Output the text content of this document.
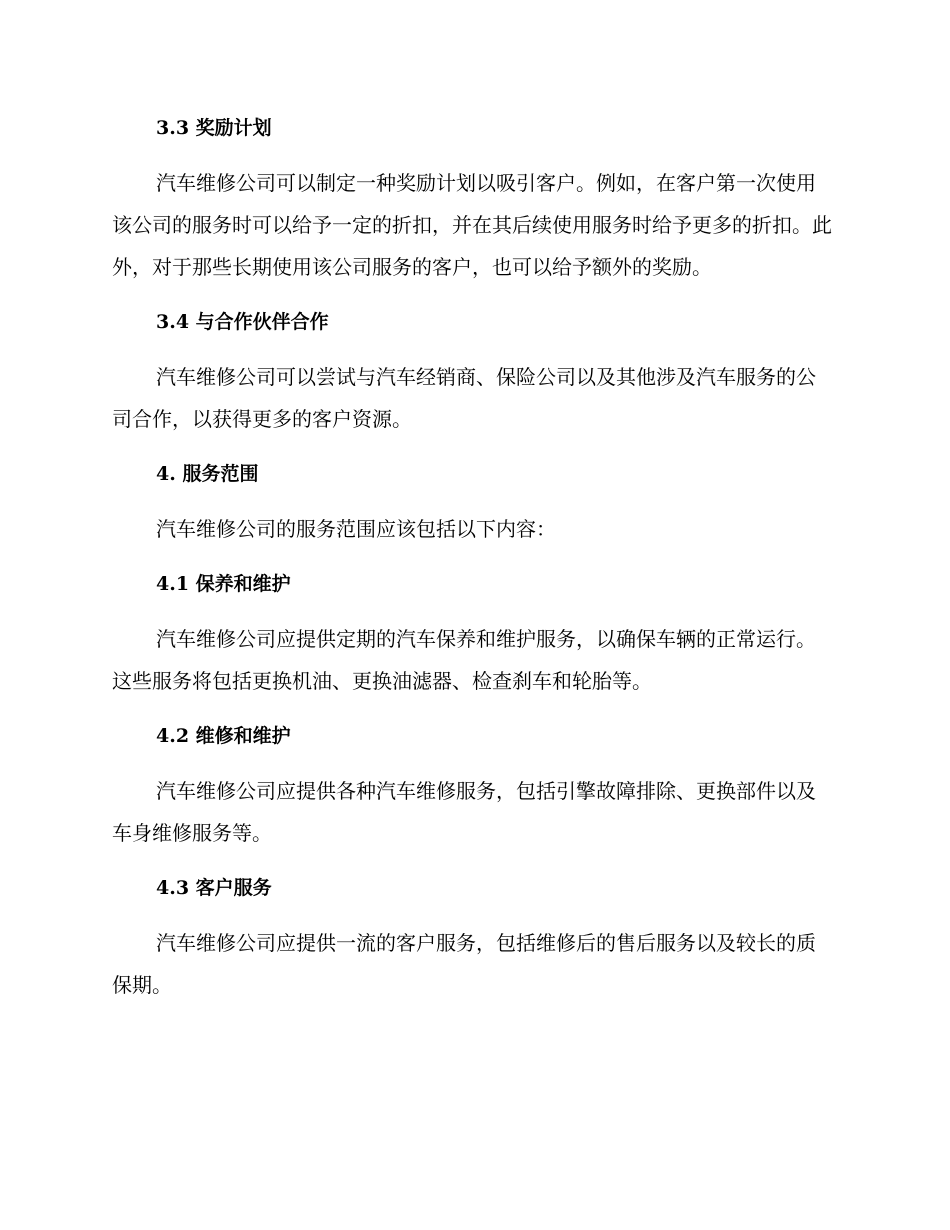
3.3 奖励计划

汽车维修公司可以制定一种奖励计划以吸引客户。例如，在客户第一次使用该公司的服务时可以给予一定的折扣，并在其后续使用服务时给予更多的折扣。此外，对于那些长期使用该公司服务的客户，也可以给予额外的奖励。

3.4 与合作伙伴合作

汽车维修公司可以尝试与汽车经销商、保险公司以及其他涉及汽车服务的公司合作，以获得更多的客户资源。

4. 服务范围

汽车维修公司的服务范围应该包括以下内容：

4.1 保养和维护

汽车维修公司应提供定期的汽车保养和维护服务，以确保车辆的正常运行。这些服务将包括更换机油、更换油滤器、检查刹车和轮胎等。

4.2 维修和维护

汽车维修公司应提供各种汽车维修服务，包括引擎故障排除、更换部件以及车身维修服务等。

4.3 客户服务

汽车维修公司应提供一流的客户服务，包括维修后的售后服务以及较长的质保期。
